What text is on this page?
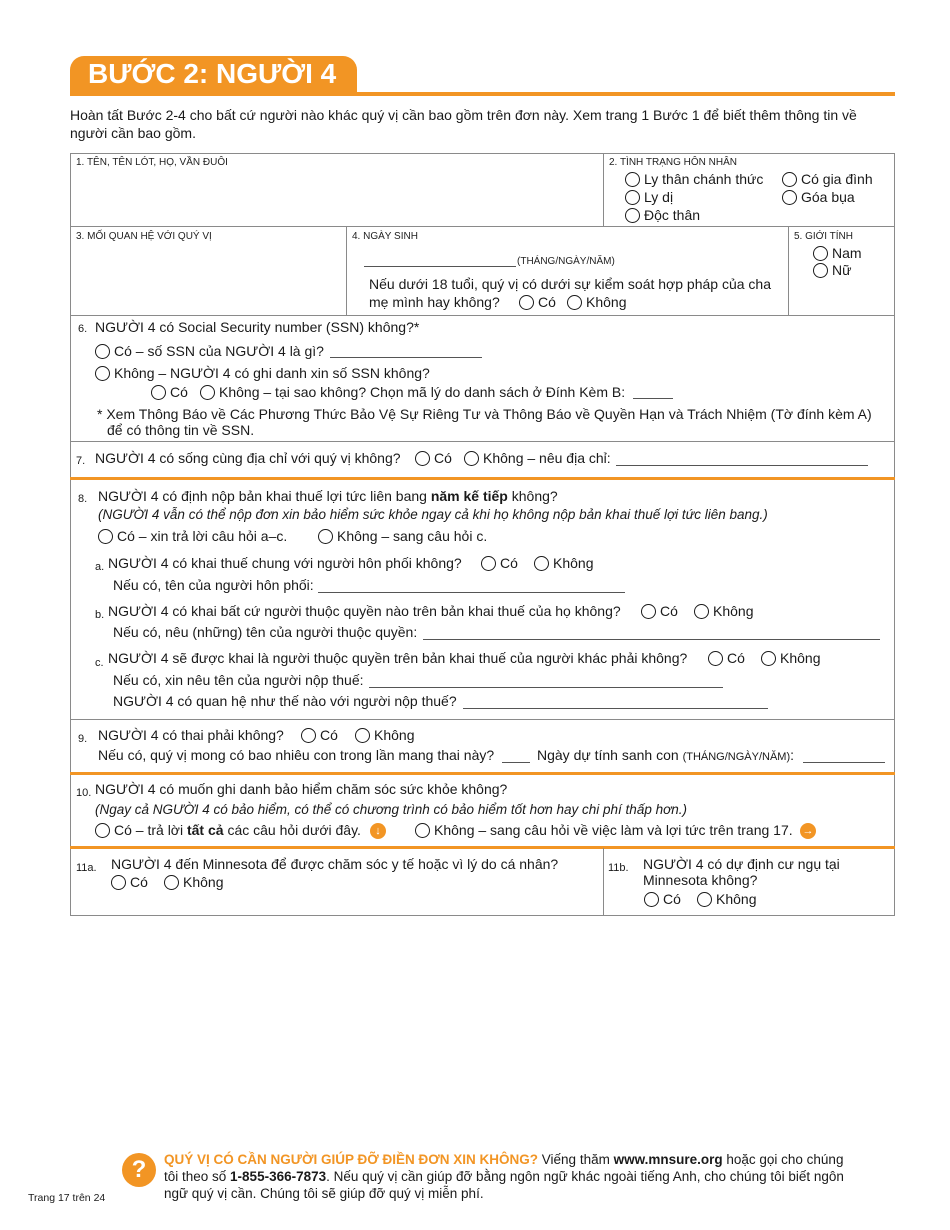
BƯỚC 2: NGƯỜI 4
Hoàn tất Bước 2-4 cho bất cứ người nào khác quý vị cần bao gồm trên đơn này. Xem trang 1 Bước 1 để biết thêm thông tin về người cần bao gồm.
1. TÊN, TÊN LÓT, HỌ, VẦN ĐUÔI	2. TÌNH TRẠNG HÔN NHÂN
Ly thân chánh thức	Có gia đình
Ly dị	Góa bụa
Độc thân
3. MỐI QUAN HỆ VỚI QUÝ VỊ	4. NGÀY SINH
(THÁNG/NGÀY/NĂM)
Nếu dưới 18 tuổi, quý vị có dưới sự kiểm soát hợp pháp của cha
mẹ mình hay không?	Có Không
5. GIỚI TÍNH
Nam
Nữ
6. NGƯỜI 4 có Social Security number (SSN) không?*
Có – số SSN của NGƯỜI 4 là gì?
Không – NGƯỜI 4 có ghi danh xin số SSN không?
Có Không – tại sao không? Chọn mã lý do danh sách ở Đính Kèm B:
* Xem Thông Báo về Các Phương Thức Bảo Vệ Sự Riêng Tư và Thông Báo về Quyền Hạn và Trách Nhiệm (Tờ đính kèm A)
để có thông tin về SSN.
7. NGƯỜI 4 có sống cùng địa chỉ với quý vị không? Có Không – nêu địa chỉ:
8. NGƯỜI 4 có định nộp bản khai thuế lợi tức liên bang năm kế tiếp không?
(NGƯỜI 4 vẫn có thể nộp đơn xin bảo hiểm sức khỏe ngay cả khi họ không nộp bản khai thuế lợi tức liên bang.)
Có – xin trả lời câu hỏi a–c.	Không – sang câu hỏi c.
a. NGƯỜI 4 có khai thuế chung với người hôn phối không?	Có	Không
Nếu có, tên của người hôn phối:
b. NGƯỜI 4 có khai bất cứ người thuộc quyền nào trên bản khai thuế của họ không?	Có	Không
Nếu có, nêu (những) tên của người thuộc quyền:
c. NGƯỜI 4 sẽ được khai là người thuộc quyền trên bản khai thuế của người khác phải không?	Có	Không
Nếu có, xin nêu tên của người nộp thuế:
NGƯỜI 4 có quan hệ như thế nào với người nộp thuế?
9. NGƯỜI 4 có thai phải không?	Có	Không
Nếu có, quý vị mong có bao nhiêu con trong lần mang thai này?	Ngày dự tính sanh con (THÁNG/NGÀY/NĂM):
10. NGƯỜI 4 có muốn ghi danh bảo hiểm chăm sóc sức khỏe không?
(Ngay cả NGƯỜI 4 có bảo hiểm, có thể có chương trình có bảo hiểm tốt hơn hay chi phí thấp hơn.)
Có – trả lời tất cả các câu hỏi dưới đây.	↓	Không – sang câu hỏi về việc làm và lợi tức trên trang 17. →
11a. NGƯỜI 4 đến Minnesota để được chăm sóc y tế hoặc vì lý do cá nhân?
Có	Không
11b. NGƯỜI 4 có dự định cư ngụ tại
Minnesota không?
Có	Không
?	QUÝ VỊ CÓ CẦN NGƯỜI GIÚP ĐỠ ĐIỀN ĐƠN XIN KHÔNG? Viếng thăm www.mnsure.org hoặc gọi cho chúng tôi theo số 1-855-366-7873. Nếu quý vị cần giúp đỡ bằng ngôn ngữ khác ngoài tiếng Anh, cho chúng tôi biết ngôn ngữ quý vị cần. Chúng tôi sẽ giúp đỡ quý vị miễn phí.
Trang 17 trên 24
